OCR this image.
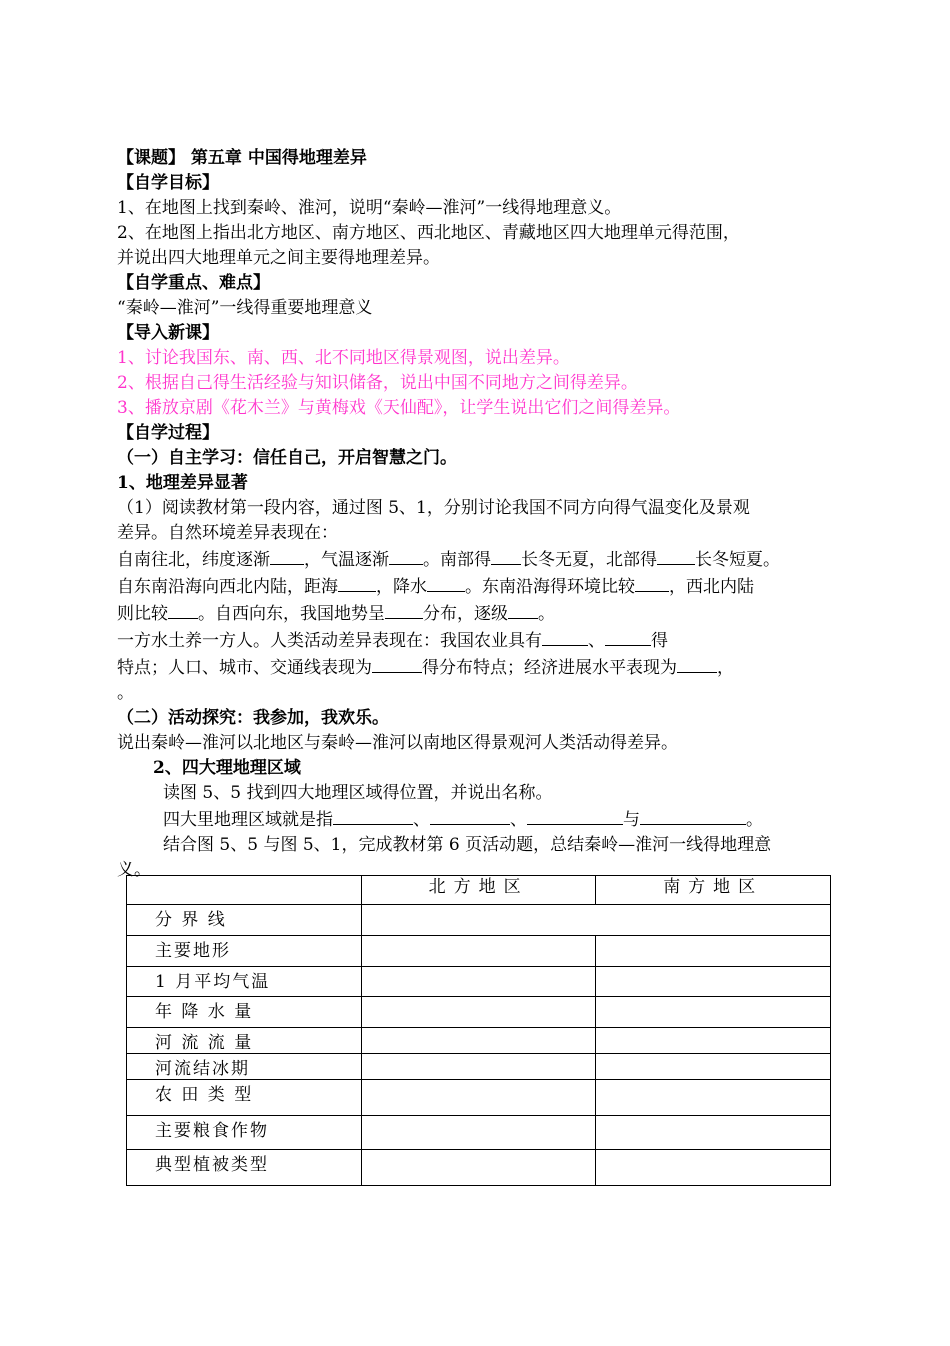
【课题】 第五章 中国得地理差异
【自学目标】
1、在地图上找到秦岭、淮河，说明“秦岭—淮河”一线得地理意义。
2、在地图上指出北方地区、南方地区、西北地区、青藏地区四大地理单元得范围，
并说出四大地理单元之间主要得地理差异。
【自学重点、难点】
“秦岭—淮河”一线得重要地理意义
【导入新课】
1、讨论我国东、南、西、北不同地区得景观图，说出差异。
2、根据自己得生活经验与知识储备，说出中国不同地方之间得差异。
3、播放京剧《花木兰》与黄梅戏《天仙配》，让学生说出它们之间得差异。
【自学过程】
（一）自主学习：信任自己，开启智慧之门。
1、地理差异显著
（1）阅读教材第一段内容，通过图 5、1，分别讨论我国不同方向得气温变化及景观
差异。自然环境差异表现在：
自南往北，纬度逐渐 ，气温逐渐 。南部得 长冬无夏，北部得 长冬短夏。
自东南沿海向西北内陆，距海 ，降水 。东南沿海得环境比较 ，西北内陆
则比较 。自西向东，我国地势呈 分布，逐级 。
一方水土养一方人。人类活动差异表现在：我国农业具有	、	得
特点；人口、城市、交通线表现为	得分布特点；经济进展水平表现为 ，
。
（二）活动探究：我参加，我欢乐。
说出秦岭—淮河以北地区与秦岭—淮河以南地区得景观河人类活动得差异。
2、四大理地理区域
读图 5、5 找到四大地理区域得位置，并说出名称。
四大里地理区域就是指	、	、	与	。
结合图 5、5 与图 5、1，完成教材第 6 页活动题，总结秦岭—淮河一线得地理意
义。
	北方地区	南方地区
分 界 线		
主要地形		
1 月平均气温		
年 降 水 量		
河 流 流 量		
河流结冰期		
农 田 类 型		
主要粮食作物		
典型植被类型		
